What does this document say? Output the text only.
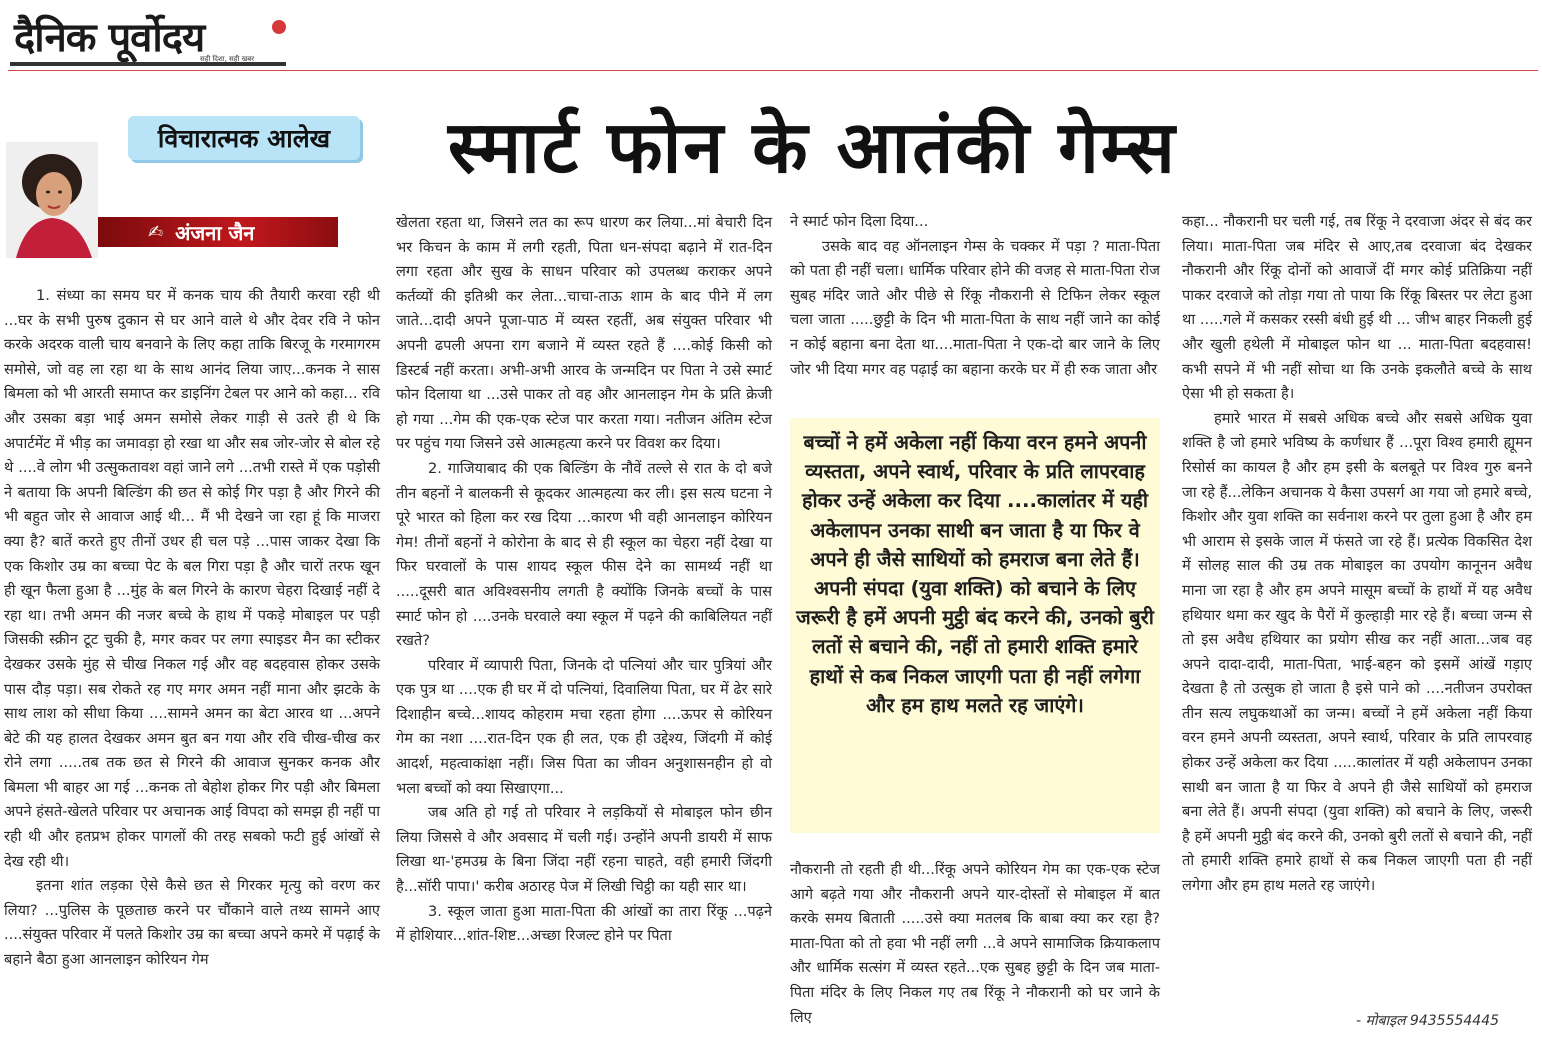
दैनिक पूर्वोदय
सही दिशा, सही खबर
विचारात्मक आलेख	स्मार्ट फोन के आतंकी गेम्स
✍ अंजना जैन

1. संध्या का समय घर में कनक चाय की तैयारी करवा रही थी ...घर के सभी पुरुष दुकान से घर आने वाले थे और देवर रवि ने फोन करके अदरक वाली चाय बनवाने के लिए कहा ताकि बिरजू के गरमागरम समोसे, जो वह ला रहा था के साथ आनंद लिया जाए...कनक ने सास बिमला को भी आरती समाप्त कर डाइनिंग टेबल पर आने को कहा... रवि और उसका बड़ा भाई अमन समोसे लेकर गाड़ी से उतरे ही थे कि अपार्टमेंट में भीड़ का जमावड़ा हो रखा था और सब जोर-जोर से बोल रहे थे ....वे लोग भी उत्सुकतावश वहां जाने लगे ...तभी रास्ते में एक पड़ोसी ने बताया कि अपनी बिल्डिंग की छत से कोई गिर पड़ा है और गिरने की भी बहुत जोर से आवाज आई थी... मैं भी देखने जा रहा हूं कि माजरा क्या है? बातें करते हुए तीनों उधर ही चल पड़े ...पास जाकर देखा कि एक किशोर उम्र का बच्चा पेट के बल गिरा पड़ा है और चारों तरफ खून ही खून फैला हुआ है ...मुंह के बल गिरने के कारण चेहरा दिखाई नहीं दे रहा था। तभी अमन की नजर बच्चे के हाथ में पकड़े मोबाइल पर पड़ी जिसकी स्क्रीन टूट चुकी है, मगर कवर पर लगा स्पाइडर मैन का स्टीकर देखकर उसके मुंह से चीख निकल गई और वह बदहवास होकर उसके पास दौड़ पड़ा। सब रोकते रह गए मगर अमन नहीं माना और झटके के साथ लाश को सीधा किया ....सामने अमन का बेटा आरव था ...अपने बेटे की यह हालत देखकर अमन बुत बन गया और रवि चीख-चीख कर रोने लगा .....तब तक छत से गिरने की आवाज सुनकर कनक और बिमला भी बाहर आ गई ...कनक तो बेहोश होकर गिर पड़ी और बिमला अपने हंसते-खेलते परिवार पर अचानक आई विपदा को समझ ही नहीं पा रही थी और हतप्रभ होकर पागलों की तरह सबको फटी हुई आंखों से देख रही थी।

इतना शांत लड़का ऐसे कैसे छत से गिरकर मृत्यु को वरण कर लिया? ...पुलिस के पूछताछ करने पर चौंकाने वाले तथ्य सामने आए ....संयुक्त परिवार में पलते किशोर उम्र का बच्चा अपने कमरे में पढ़ाई के बहाने बैठा हुआ आनलाइन कोरियन गेम

खेलता रहता था, जिसने लत का रूप धारण कर लिया...मां बेचारी दिन भर किचन के काम में लगी रहती, पिता धन-संपदा बढ़ाने में रात-दिन लगा रहता और सुख के साधन परिवार को उपलब्ध कराकर अपने कर्तव्यों की इतिश्री कर लेता...चाचा-ताऊ शाम के बाद पीने में लग जाते...दादी अपने पूजा-पाठ में व्यस्त रहतीं, अब संयुक्त परिवार भी अपनी ढपली अपना राग बजाने में व्यस्त रहते हैं ....कोई किसी को डिस्टर्ब नहीं करता। अभी-अभी आरव के जन्मदिन पर पिता ने उसे स्मार्ट फोन दिलाया था ...उसे पाकर तो वह और आनलाइन गेम के प्रति क्रेजी हो गया ...गेम की एक-एक स्टेज पार करता गया। नतीजन अंतिम स्टेज पर पहुंच गया जिसने उसे आत्महत्या करने पर विवश कर दिया।

2. गाजियाबाद की एक बिल्डिंग के नौवें तल्ले से रात के दो बजे तीन बहनों ने बालकनी से कूदकर आत्महत्या कर ली। इस सत्य घटना ने पूरे भारत को हिला कर रख दिया ...कारण भी वही आनलाइन कोरियन गेम! तीनों बहनों ने कोरोना के बाद से ही स्कूल का चेहरा नहीं देखा या फिर घरवालों के पास शायद स्कूल फीस देने का सामर्थ्य नहीं था .....दूसरी बात अविश्वसनीय लगती है क्योंकि जिनके बच्चों के पास स्मार्ट फोन हो ....उनके घरवाले क्या स्कूल में पढ़ने की काबिलियत नहीं रखते?

परिवार में व्यापारी पिता, जिनके दो पत्नियां और चार पुत्रियां और एक पुत्र था ....एक ही घर में दो पत्नियां, दिवालिया पिता, घर में ढेर सारे दिशाहीन बच्चे...शायद कोहराम मचा रहता होगा ....ऊपर से कोरियन गेम का नशा ....रात-दिन एक ही लत, एक ही उद्देश्य, जिंदगी में कोई आदर्श, महत्वाकांक्षा नहीं। जिस पिता का जीवन अनुशासनहीन हो वो भला बच्चों को क्या सिखाएगा...

जब अति हो गई तो परिवार ने लड़कियों से मोबाइल फोन छीन लिया जिससे वे और अवसाद में चली गई। उन्होंने अपनी डायरी में साफ लिखा था-'हमउम्र के बिना जिंदा नहीं रहना चाहते, वही हमारी जिंदगी है...सॉरी पापा।' करीब अठारह पेज में लिखी चिट्ठी का यही सार था।

3. स्कूल जाता हुआ माता-पिता की आंखों का तारा रिंकू ...पढ़ने में होशियार...शांत-शिष्ट...अच्छा रिजल्ट होने पर पिता

ने स्मार्ट फोन दिला दिया...

उसके बाद वह ऑनलाइन गेम्स के चक्कर में पड़ा ? माता-पिता को पता ही नहीं चला। धार्मिक परिवार होने की वजह से माता-पिता रोज सुबह मंदिर जाते और पीछे से रिंकू नौकरानी से टिफिन लेकर स्कूल चला जाता .....छुट्टी के दिन भी माता-पिता के साथ नहीं जाने का कोई न कोई बहाना बना देता था....माता-पिता ने एक-दो बार जाने के लिए जोर भी दिया मगर वह पढ़ाई का बहाना करके घर में ही रुक जाता और

बच्चों ने हमें अकेला नहीं किया वरन हमने अपनी व्यस्तता, अपने स्वार्थ, परिवार के प्रति लापरवाह होकर उन्हें अकेला कर दिया ....कालांतर में यही अकेलापन उनका साथी बन जाता है या फिर वे अपने ही जैसे साथियों को हमराज बना लेते हैं। अपनी संपदा (युवा शक्ति) को बचाने के लिए जरूरी है हमें अपनी मुट्ठी बंद करने की, उनको बुरी लतों से बचाने की, नहीं तो हमारी शक्ति हमारे हाथों से कब निकल जाएगी पता ही नहीं लगेगा और हम हाथ मलते रह जाएंगे।

नौकरानी तो रहती ही थी...रिंकू अपने कोरियन गेम का एक-एक स्टेज आगे बढ़ते गया और नौकरानी अपने यार-दोस्तों से मोबाइल में बात करके समय बिताती .....उसे क्या मतलब कि बाबा क्या कर रहा है? माता-पिता को तो हवा भी नहीं लगी ...वे अपने सामाजिक क्रियाकलाप और धार्मिक सत्संग में व्यस्त रहते...एक सुबह छुट्टी के दिन जब माता-पिता मंदिर के लिए निकल गए तब रिंकू ने नौकरानी को घर जाने के लिए

कहा... नौकरानी घर चली गई, तब रिंकू ने दरवाजा अंदर से बंद कर लिया। माता-पिता जब मंदिर से आए,तब दरवाजा बंद देखकर नौकरानी और रिंकू दोनों को आवाजें दीं मगर कोई प्रतिक्रिया नहीं पाकर दरवाजे को तोड़ा गया तो पाया कि रिंकू बिस्तर पर लेटा हुआ था .....गले में कसकर रस्सी बंधी हुई थी ... जीभ बाहर निकली हुई और खुली हथेली में मोबाइल फोन था ... माता-पिता बदहवास! कभी सपने में भी नहीं सोचा था कि उनके इकलौते बच्चे के साथ ऐसा भी हो सकता है।

हमारे भारत में सबसे अधिक बच्चे और सबसे अधिक युवा शक्ति है जो हमारे भविष्य के कर्णधार हैं ...पूरा विश्व हमारी ह्यूमन रिसोर्स का कायल है और हम इसी के बलबूते पर विश्व गुरु बनने जा रहे हैं...लेकिन अचानक ये कैसा उपसर्ग आ गया जो हमारे बच्चे, किशोर और युवा शक्ति का सर्वनाश करने पर तुला हुआ है और हम भी आराम से इसके जाल में फंसते जा रहे हैं। प्रत्येक विकसित देश में सोलह साल की उम्र तक मोबाइल का उपयोग कानूनन अवैध माना जा रहा है और हम अपने मासूम बच्चों के हाथों में यह अवैध हथियार थमा कर खुद के पैरों में कुल्हाड़ी मार रहे हैं। बच्चा जन्म से तो इस अवैध हथियार का प्रयोग सीख कर नहीं आता...जब वह अपने दादा-दादी, माता-पिता, भाई-बहन को इसमें आंखें गड़ाए देखता है तो उत्सुक हो जाता है इसे पाने को ....नतीजन उपरोक्त तीन सत्य लघुकथाओं का जन्म। बच्चों ने हमें अकेला नहीं किया वरन हमने अपनी व्यस्तता, अपने स्वार्थ, परिवार के प्रति लापरवाह होकर उन्हें अकेला कर दिया .....कालांतर में यही अकेलापन उनका साथी बन जाता है या फिर वे अपने ही जैसे साथियों को हमराज बना लेते हैं। अपनी संपदा (युवा शक्ति) को बचाने के लिए, जरूरी है हमें अपनी मुट्ठी बंद करने की, उनको बुरी लतों से बचाने की, नहीं तो हमारी शक्ति हमारे हाथों से कब निकल जाएगी पता ही नहीं लगेगा और हम हाथ मलते रह जाएंगे।

- मोबाइल 9435554445
